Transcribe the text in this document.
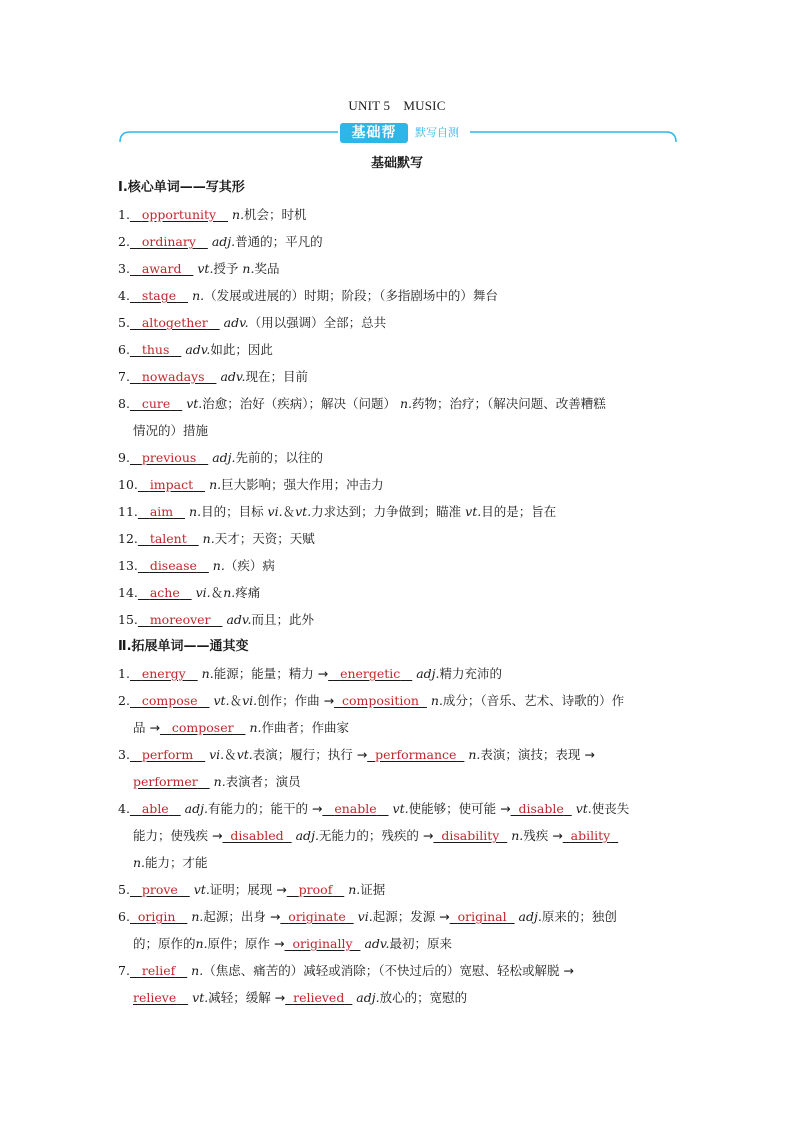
UNIT 5　MUSIC
基础帮	默写自测
基础默写
Ⅰ.核心单词——写其形
1. opportunity n.机会；时机
2. ordinary adj.普通的；平凡的
3. award vt.授予 n.奖品
4. stage n.（发展或进展的）时期；阶段；（多指剧场中的）舞台
5. altogether adv.（用以强调）全部；总共
6. thus adv.如此；因此
7. nowadays adv.现在；目前
8. cure vt.治愈；治好（疾病）；解决（问题） n.药物；治疗；（解决问题、改善糟糕
情况的）措施
9. previous adj.先前的；以往的
10. impact n.巨大影响；强大作用；冲击力
11. aim n.目的；目标 vi.＆vt.力求达到；力争做到；瞄准 vt.目的是；旨在
12. talent n.天才；天资；天赋
13. disease n.（疾）病
14. ache vi.＆n.疼痛
15. moreover adv.而且；此外
Ⅱ.拓展单词——通其变
1. energy n.能源；能量；精力 → energetic adj.精力充沛的
2. compose vt.＆vi.创作；作曲 → composition n.成分；（音乐、艺术、诗歌的）作
品 → composer n.作曲者；作曲家
3. perform vi.＆vt.表演；履行；执行 → performance n.表演；演技；表现 →
performer n.表演者；演员
4. able adj.有能力的；能干的 → enable vt.使能够；使可能 → disable vt.使丧失
能力；使残疾 → disabled adj.无能力的；残疾的 → disability n.残疾 → ability
n.能力；才能
5. prove vt.证明；展现 → proof n.证据
6. origin n.起源；出身 → originate vi.起源；发源 → original adj.原来的；独创
的；原作的n.原件；原作 → originally adv.最初；原来
7. relief n.（焦虑、痛苦的）减轻或消除；（不快过后的）宽慰、轻松或解脱 →
relieve vt.减轻；缓解 → relieved adj.放心的；宽慰的
